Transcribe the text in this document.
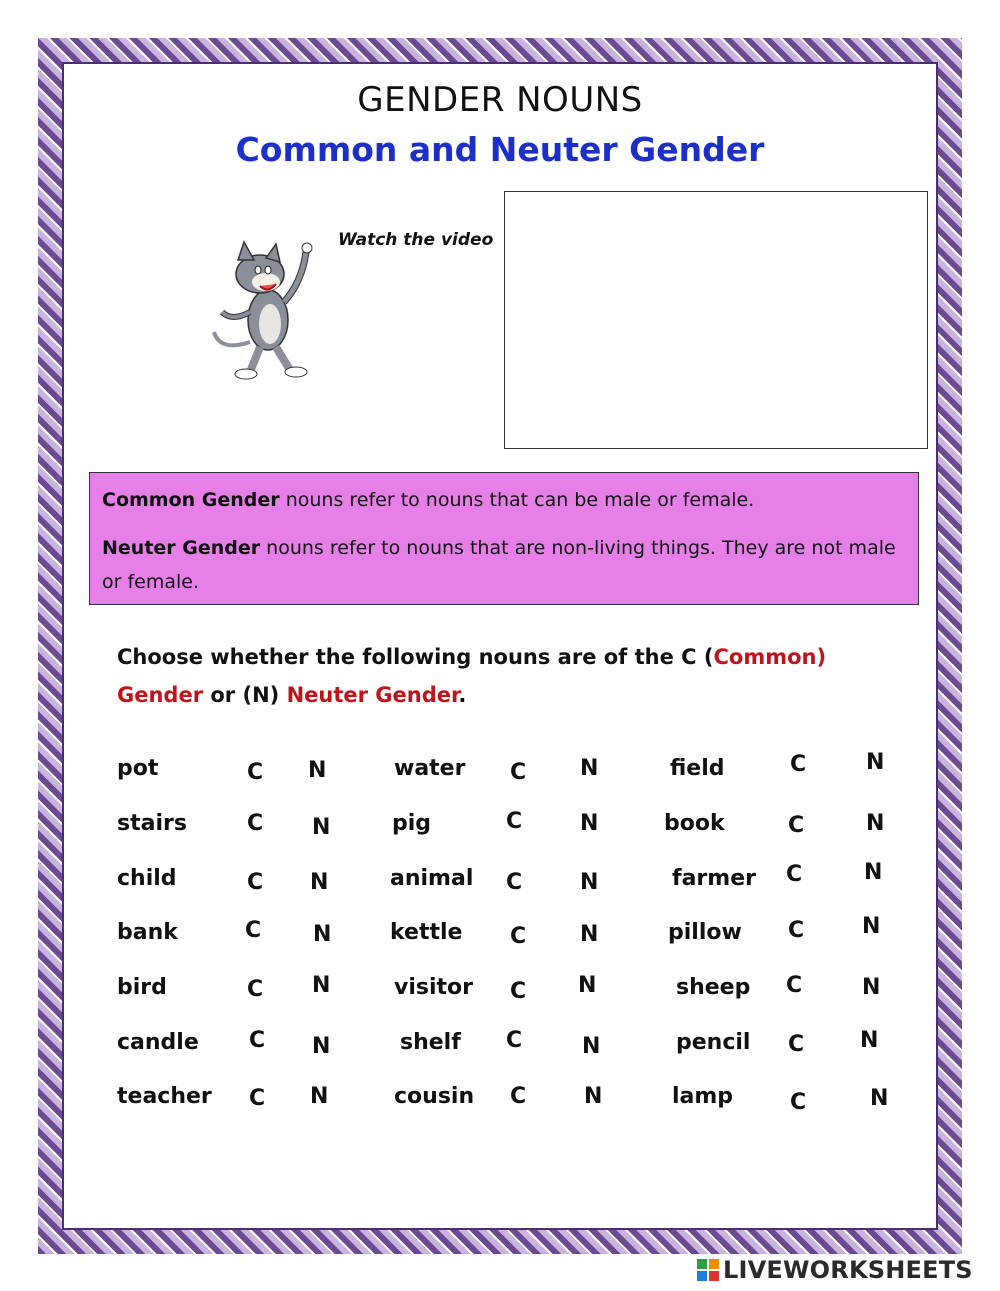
GENDER NOUNS
Common and Neuter Gender
Watch the video

Common Gender nouns refer to nouns that can be male or female.

Neuter Gender nouns refer to nouns that are non-living things. They are not male or female.

Choose whether the following nouns are of the C (Common) Gender or (N) Neuter Gender.
pot	C N	water C N	field	C	N
stairs	C N	pig	C	N	book	C	N
child	C N	animal C	N	farmer C	N
bank	C N	kettle C N	pillow C	N
bird	C N	visitor C N	sheep C	N
candle C N	shelf C	N	pencil C	N
teacher C N	cousin C	N	lamp	C	N
LIVEWORKSHEETS
